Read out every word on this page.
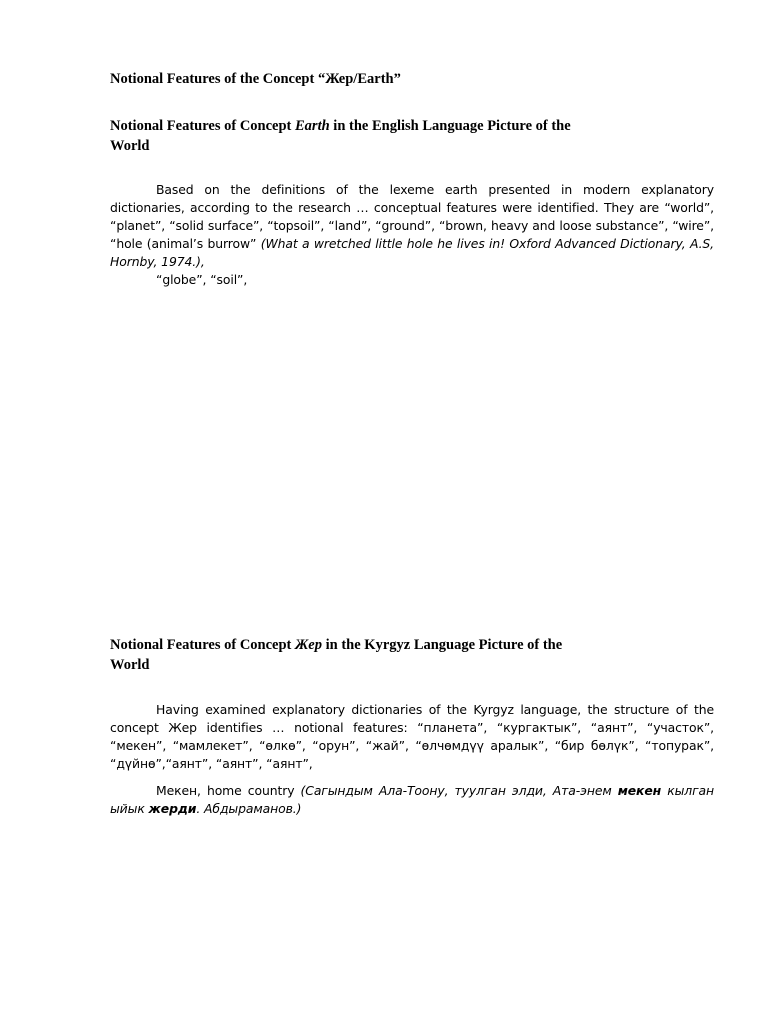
Notional Features of the Concept “Жер/Earth”
Notional Features of Concept Earth in the English Language Picture of the World

Based on the definitions of the lexeme earth presented in modern explanatory dictionaries, according to the research … conceptual features were identified. They are “world”, “planet”, “solid surface”, “topsoil”, “land”, “ground”, “brown, heavy and loose substance”, “wire”, “hole (animal’s burrow” (What a wretched little hole he lives in! Oxford Advanced Dictionary, A.S, Hornby, 1974.),
“globe”, “soil”,

Notional Features of Concept Жер in the Kyrgyz Language Picture of the World

Having examined explanatory dictionaries of the Kyrgyz language, the structure of the concept Жер identifies … notional features: “планета”, “кургактык”, “аянт”, “участок”, “мекен”, “мамлекет”, “өлкө”, “орун”, “жай”, “өлчөмдүү аралык”, “бир бөлүк”, “топурак”, “дүйнө”,“аянт”, “аянт”, “аянт”,

Мекен, home country (Сагындым Ала-Тоону, туулган элди, Ата-энем мекен кылган ыйык жерди. Абдыраманов.)
